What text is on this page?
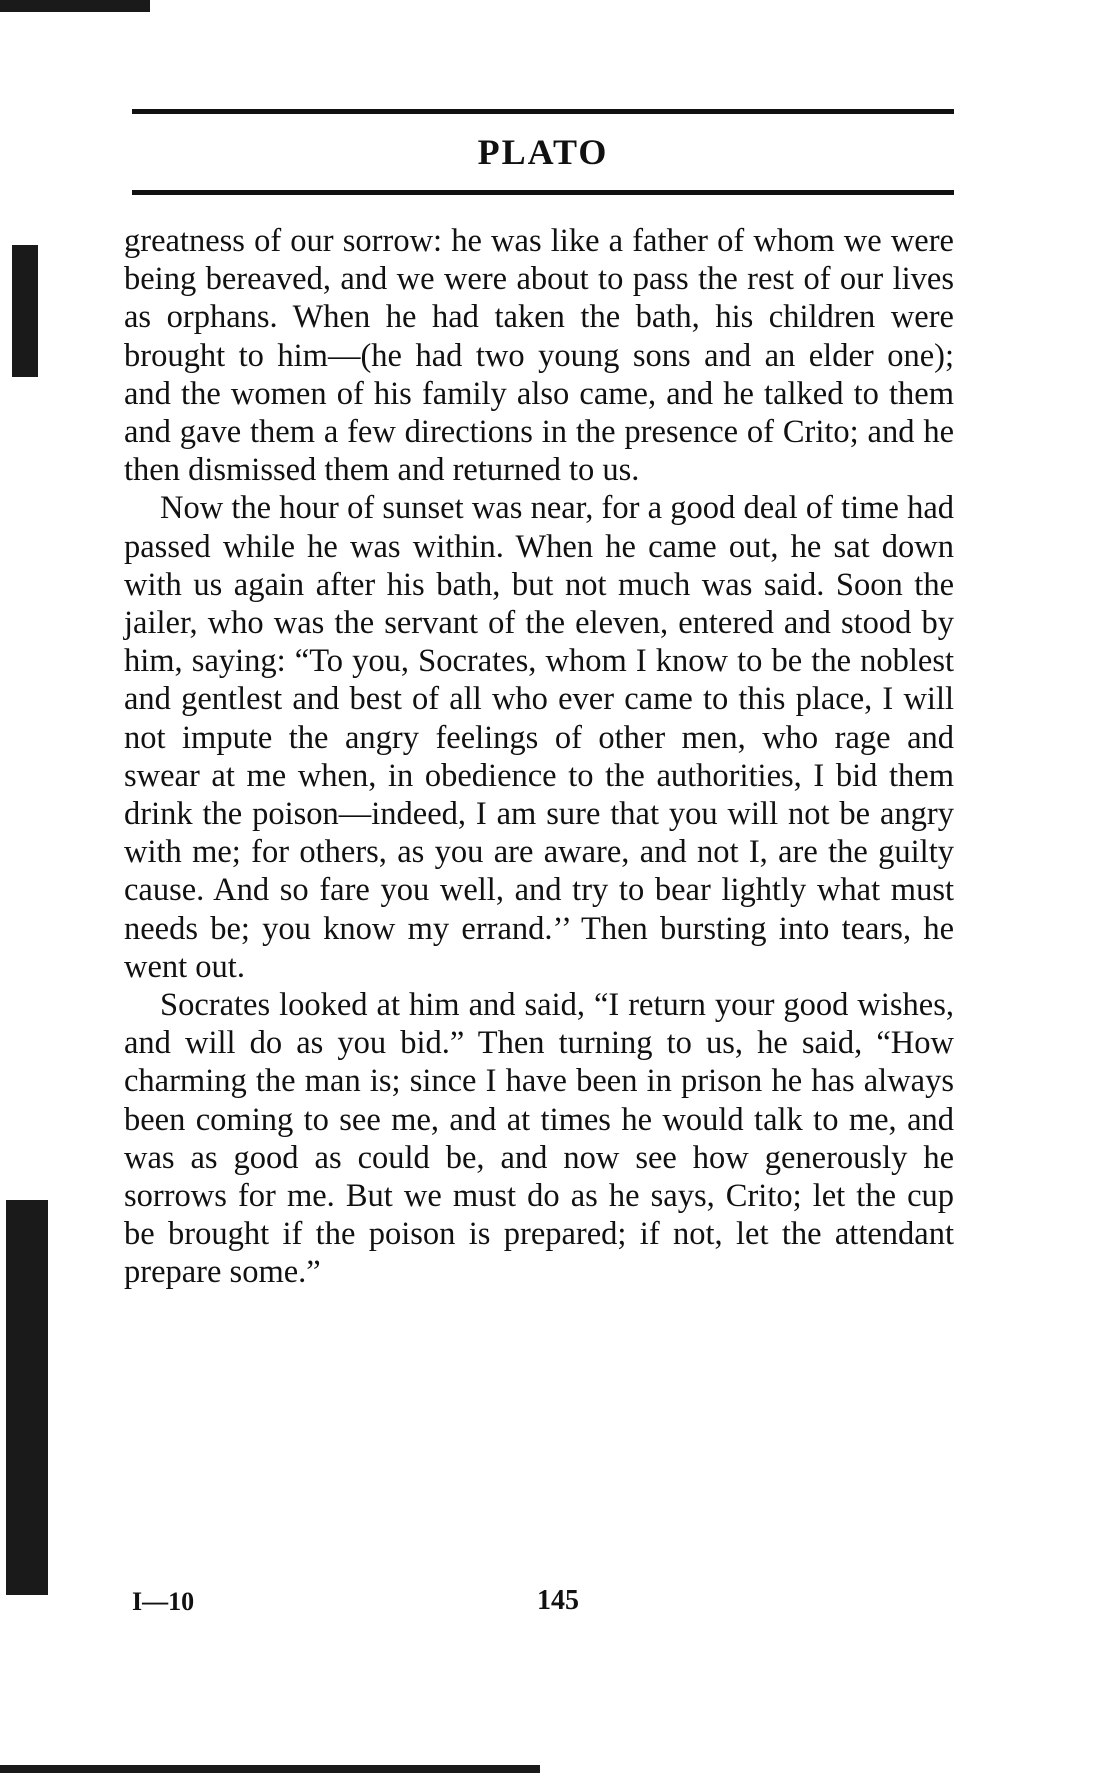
PLATO

greatness of our sorrow: he was like a father of whom we were being bereaved, and we were about to pass the rest of our lives as orphans. When he had taken the bath, his children were brought to him—(he had two young sons and an elder one); and the women of his family also came, and he talked to them and gave them a few directions in the presence of Crito; and he then dismissed them and returned to us.

Now the hour of sunset was near, for a good deal of time had passed while he was within. When he came out, he sat down with us again after his bath, but not much was said. Soon the jailer, who was the servant of the eleven, entered and stood by him, saying: “To you, Socrates, whom I know to be the noblest and gentlest and best of all who ever came to this place, I will not impute the angry feelings of other men, who rage and swear at me when, in obedience to the authorities, I bid them drink the poison—indeed, I am sure that you will not be angry with me; for others, as you are aware, and not I, are the guilty cause. And so fare you well, and try to bear lightly what must needs be; you know my errand.’’ Then bursting into tears, he went out.

Socrates looked at him and said, “I return your good wishes, and will do as you bid.” Then turning to us, he said, “How charming the man is; since I have been in prison he has always been coming to see me, and at times he would talk to me, and was as good as could be, and now see how generously he sorrows for me. But we must do as he says, Crito; let the cup be brought if the poison is prepared; if not, let the attendant prepare some.”

I—10	145
